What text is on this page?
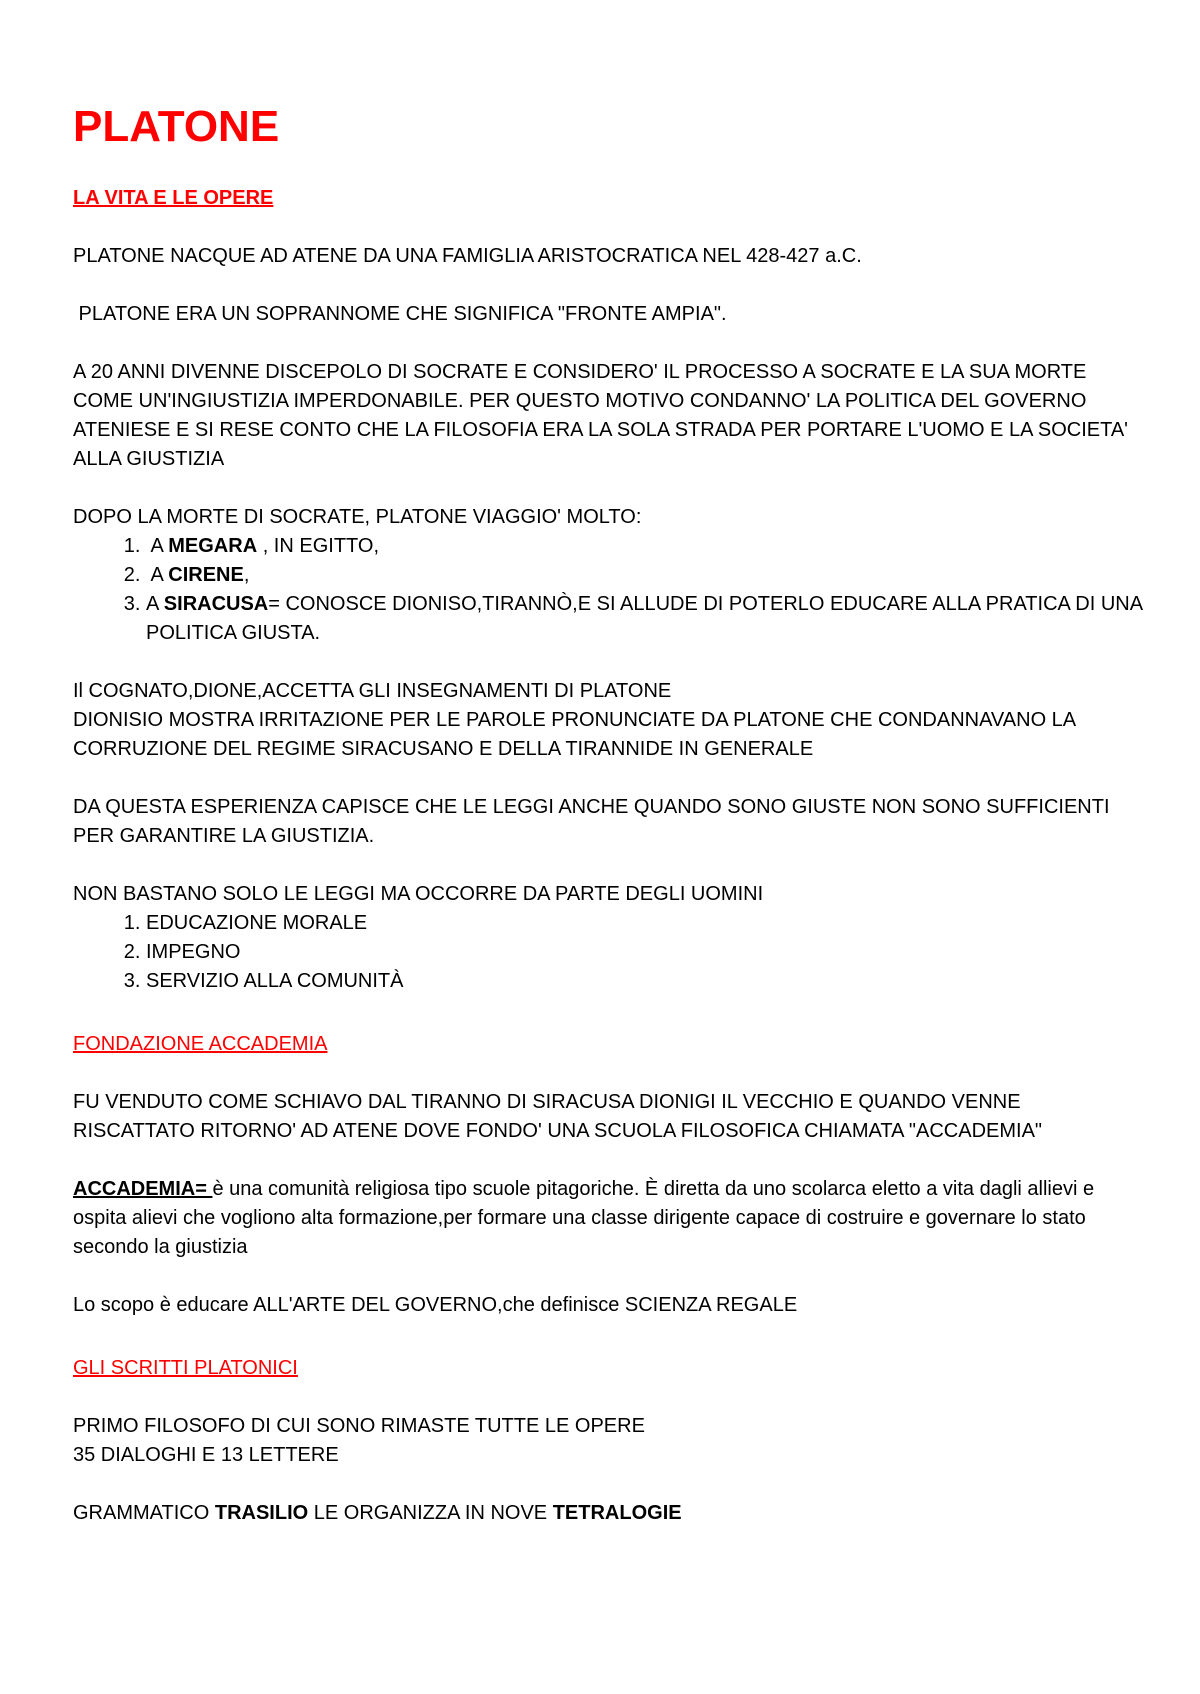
PLATONE
LA VITA E LE OPERE

PLATONE NACQUE AD ATENE DA UNA FAMIGLIA ARISTOCRATICA NEL 428-427 a.C.

PLATONE ERA UN SOPRANNOME CHE SIGNIFICA "FRONTE AMPIA".

A 20 ANNI DIVENNE DISCEPOLO DI SOCRATE E CONSIDERO' IL PROCESSO A SOCRATE E LA SUA MORTE COME UN'INGIUSTIZIA IMPERDONABILE. PER QUESTO MOTIVO CONDANNO' LA POLITICA DEL GOVERNO ATENIESE E SI RESE CONTO CHE LA FILOSOFIA ERA LA SOLA STRADA PER PORTARE L'UOMO E LA SOCIETA' ALLA GIUSTIZIA

DOPO LA MORTE DI SOCRATE, PLATONE VIAGGIO' MOLTO:

1.  A MEGARA , IN EGITTO,
2.  A CIRENE,
3. A SIRACUSA= CONOSCE DIONISO,TIRANNÒ,E SI ALLUDE DI POTERLO EDUCARE ALLA PRATICA DI UNA POLITICA GIUSTA.

Il COGNATO,DIONE,ACCETTA GLI INSEGNAMENTI DI PLATONE

DIONISIO MOSTRA IRRITAZIONE PER LE PAROLE PRONUNCIATE DA PLATONE CHE CONDANNAVANO LA CORRUZIONE DEL REGIME SIRACUSANO E DELLA TIRANNIDE IN GENERALE

DA QUESTA ESPERIENZA CAPISCE CHE LE LEGGI ANCHE QUANDO SONO GIUSTE NON SONO SUFFICIENTI PER GARANTIRE LA GIUSTIZIA.

NON BASTANO SOLO LE LEGGI MA OCCORRE DA PARTE DEGLI UOMINI

1. EDUCAZIONE MORALE
2. IMPEGNO
3. SERVIZIO ALLA COMUNITÀ
FONDAZIONE ACCADEMIA

FU VENDUTO COME SCHIAVO DAL TIRANNO DI SIRACUSA DIONIGI IL VECCHIO E QUANDO VENNE RISCATTATO RITORNO' AD ATENE DOVE FONDO' UNA SCUOLA FILOSOFICA CHIAMATA "ACCADEMIA"

ACCADEMIA= è una comunità religiosa tipo scuole pitagoriche. È diretta da uno scolarca eletto a vita dagli allievi e ospita alievi che vogliono alta formazione,per formare una classe dirigente capace di costruire e governare lo stato secondo la giustizia

Lo scopo è educare ALL'ARTE DEL GOVERNO,che definisce SCIENZA REGALE

GLI SCRITTI PLATONICI

PRIMO FILOSOFO DI CUI SONO RIMASTE TUTTE LE OPERE

35 DIALOGHI E 13 LETTERE

GRAMMATICO TRASILIO LE ORGANIZZA IN NOVE TETRALOGIE
